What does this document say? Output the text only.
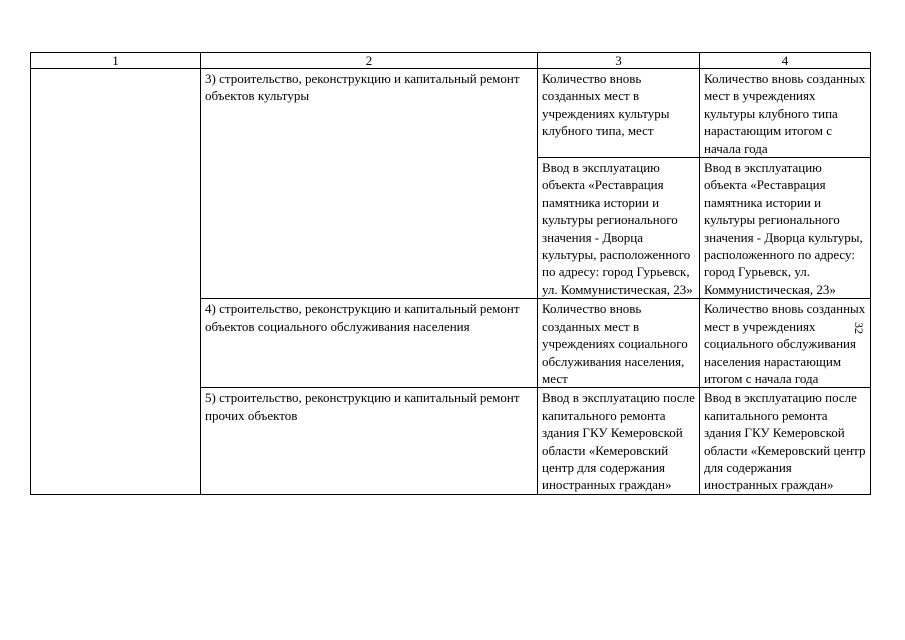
1	2	3	4
	3) строительство, реконструкцию и капитальный ремонт объектов культуры	Количество вновь созданных мест в учреждениях культуры клубного типа, мест	Количество вновь созданных мест в учреждениях культуры клубного типа нарастающим итогом с начала года
		Ввод в эксплуатацию объекта «Реставрация памятника истории и культуры регионального значения - Дворца культуры, расположенного по адресу: город Гурьевск, ул. Коммунистическая, 23»	Ввод в эксплуатацию объекта «Реставрация памятника истории и культуры регионального значения - Дворца культуры, расположенного по адресу: город Гурьевск, ул. Коммунистическая, 23»
	4) строительство, реконструкцию и капитальный ремонт объектов социального обслуживания населения	Количество вновь созданных мест в учреждениях социального обслуживания населения, мест	Количество вновь созданных мест в учреждениях социального обслуживания населения нарастающим итогом с начала года
	5) строительство, реконструкцию и капитальный ремонт прочих объектов	Ввод в эксплуатацию после капитального ремонта здания ГКУ Кемеровской области «Кемеровский центр для содержания иностранных граждан»	Ввод в эксплуатацию после капитального ремонта здания ГКУ Кемеровской области «Кемеровский центр для содержания иностранных граждан»
32
